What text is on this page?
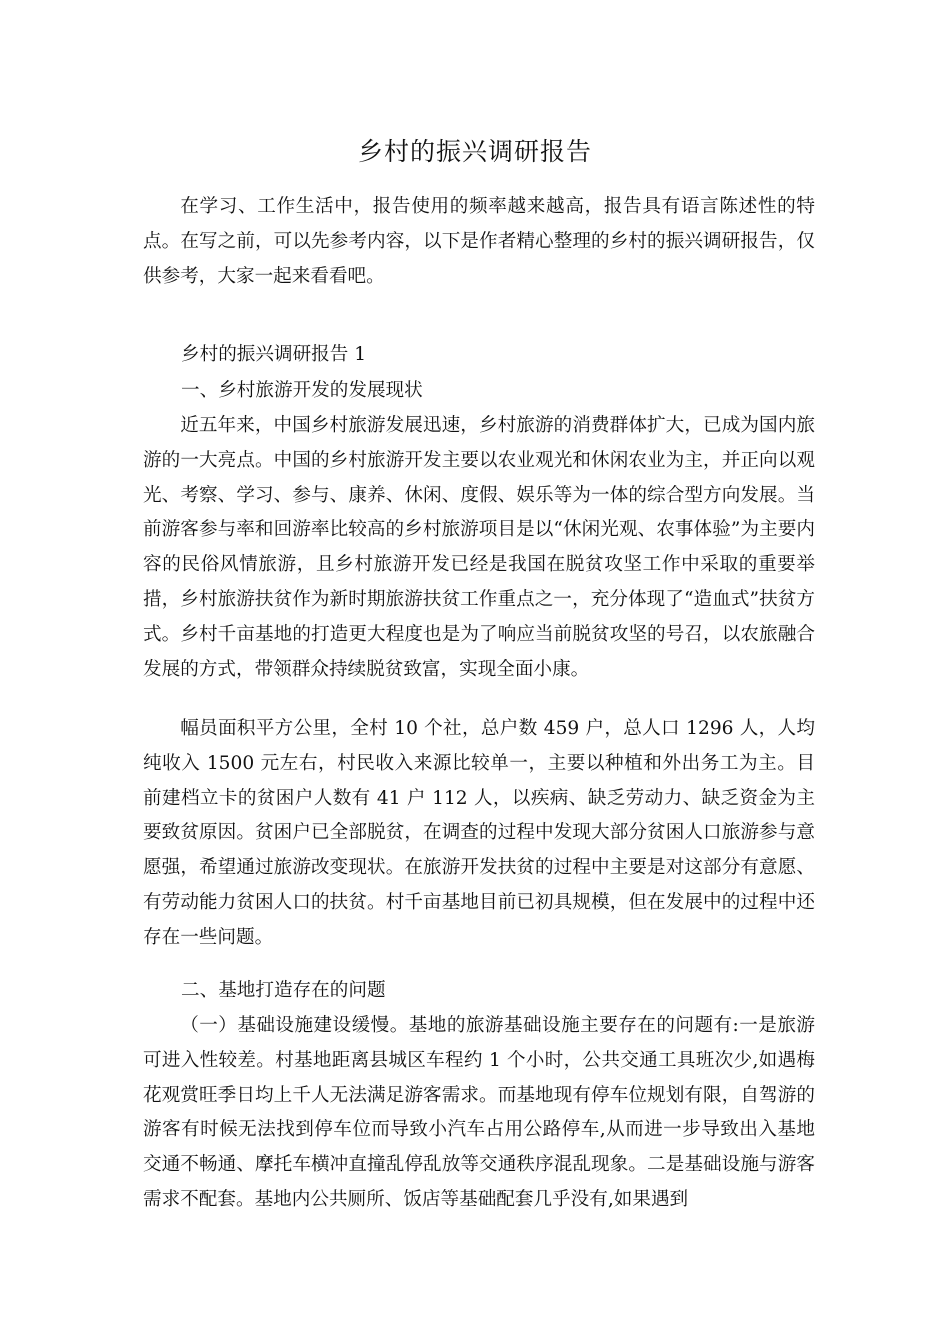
乡村的振兴调研报告

在学习、工作生活中，报告使用的频率越来越高，报告具有语言陈述性的特点。在写之前，可以先参考内容，以下是作者精心整理的乡村的振兴调研报告，仅供参考，大家一起来看看吧。

乡村的振兴调研报告 1

一、乡村旅游开发的发展现状

近五年来，中国乡村旅游发展迅速，乡村旅游的消费群体扩大，已成为国内旅游的一大亮点。中国的乡村旅游开发主要以农业观光和休闲农业为主，并正向以观光、考察、学习、参与、康养、休闲、度假、娱乐等为一体的综合型方向发展。当前游客参与率和回游率比较高的乡村旅游项目是以“休闲光观、农事体验”为主要内容的民俗风情旅游，且乡村旅游开发已经是我国在脱贫攻坚工作中采取的重要举措，乡村旅游扶贫作为新时期旅游扶贫工作重点之一，充分体现了“造血式”扶贫方式。乡村千亩基地的打造更大程度也是为了响应当前脱贫攻坚的号召，以农旅融合发展的方式，带领群众持续脱贫致富，实现全面小康。

幅员面积平方公里，全村 10 个社，总户数 459 户，总人口 1296 人，人均纯收入 1500 元左右，村民收入来源比较单一，主要以种植和外出务工为主。目前建档立卡的贫困户人数有 41 户 112 人，以疾病、缺乏劳动力、缺乏资金为主要致贫原因。贫困户已全部脱贫，在调查的过程中发现大部分贫困人口旅游参与意愿强，希望通过旅游改变现状。在旅游开发扶贫的过程中主要是对这部分有意愿、有劳动能力贫困人口的扶贫。村千亩基地目前已初具规模，但在发展中的过程中还存在一些问题。

二、基地打造存在的问题

（一）基础设施建设缓慢。基地的旅游基础设施主要存在的问题有:一是旅游可进入性较差。村基地距离县城区车程约 1 个小时，公共交通工具班次少,如遇梅花观赏旺季日均上千人无法满足游客需求。而基地现有停车位规划有限，自驾游的游客有时候无法找到停车位而导致小汽车占用公路停车,从而进一步导致出入基地交通不畅通、摩托车横冲直撞乱停乱放等交通秩序混乱现象。二是基础设施与游客需求不配套。基地内公共厕所、饭店等基础配套几乎没有,如果遇到
